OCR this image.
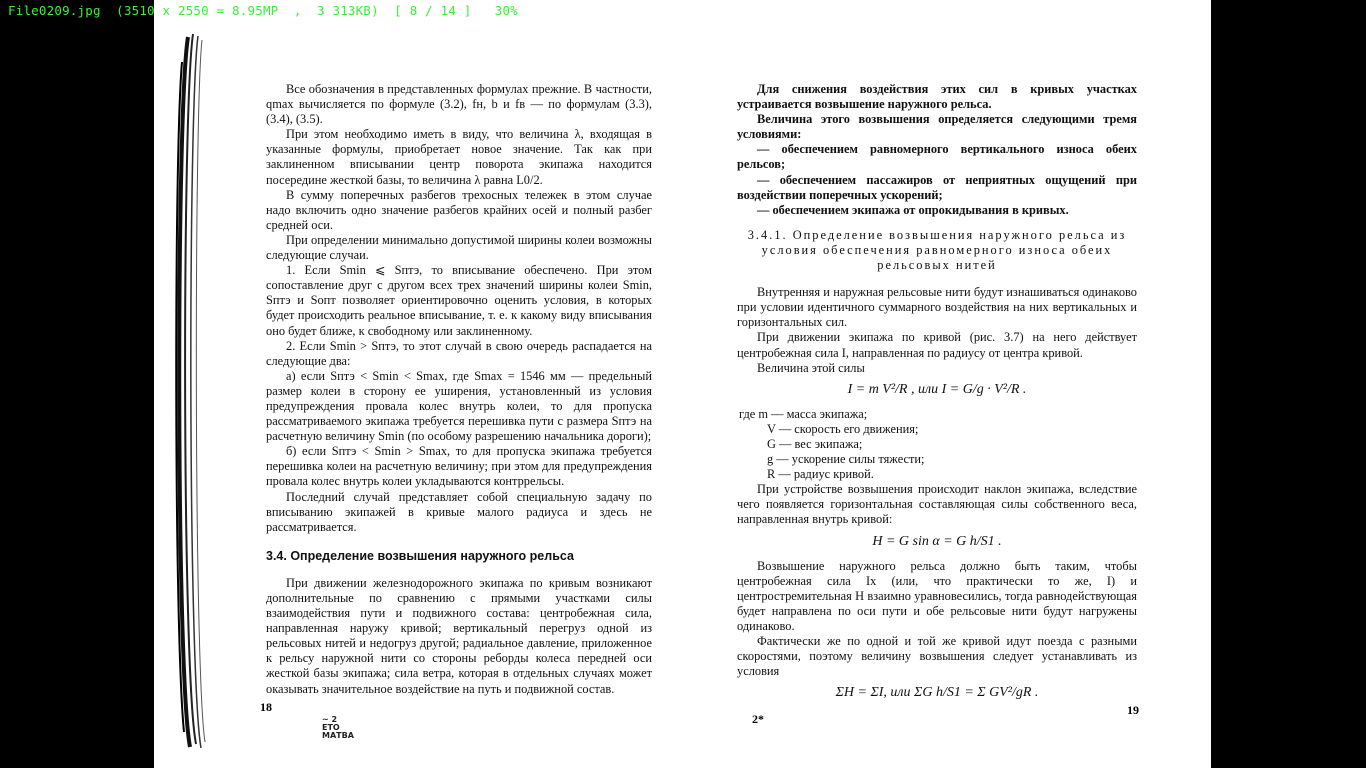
File0209.jpg  (3510 x 2550 = 8.95MP  ,  3 313KB)  [ 8 / 14 ]   30%

Все обозначения в представленных формулах прежние. В частности, qmax вычисляется по формуле (3.2), fн, b и fв — по формулам (3.3), (3.4), (3.5).

При этом необходимо иметь в виду, что величина λ, входящая в указанные формулы, приобретает новое значение. Так как при заклиненном вписывании центр поворота экипажа находится посередине жесткой базы, то величина λ равна L0/2.

В сумму поперечных разбегов трехосных тележек в этом случае надо включить одно значение разбегов крайних осей и полный разбег средней оси.

При определении минимально допустимой ширины колеи возможны следующие случаи.

1. Если Smin ⩽ Sптэ, то вписывание обеспечено. При этом сопоставление друг с другом всех трех значений ширины колеи Smin, Sптэ и Sопт позволяет ориентировочно оценить условия, в которых будет происходить реальное вписывание, т. е. к какому виду вписывания оно будет ближе, к свободному или заклиненному.

2. Если Smin > Sптэ, то этот случай в свою очередь распадается на следующие два:

а) если Sптэ < Smin < Smax, где Smax = 1546 мм — предельный размер колеи в сторону ее уширения, установленный из условия предупреждения провала колес внутрь колеи, то для пропуска рассматриваемого экипажа требуется перешивка пути с размера Sптэ на расчетную величину Smin (по особому разрешению начальника дороги);

б) если Sптэ < Smin > Smax, то для пропуска экипажа требуется перешивка колеи на расчетную величину; при этом для предупреждения провала колес внутрь колеи укладываются контррельсы.

Последний случай представляет собой специальную задачу по вписыванию экипажей в кривые малого радиуса и здесь не рассматривается.

3.4. Определение возвышения наружного рельса

При движении железнодорожного экипажа по кривым возникают дополнительные по сравнению с прямыми участками силы взаимодействия пути и подвижного состава: центробежная сила, направленная наружу кривой; вертикальный перегруз одной из рельсовых нитей и недогруз другой; радиальное давление, приложенное к рельсу наружной нити со стороны реборды колеса передней оси жесткой базы экипажа; сила ветра, которая в отдельных случаях может оказывать значительное воздействие на путь и подвижной состав.

18
~ 2
ЕТО
МАТВА

Для снижения воздействия этих сил в кривых участках устраивается возвышение наружного рельса.

Величина этого возвышения определяется следующими тремя условиями:

— обеспечением равномерного вертикального износа обеих рельсов;

— обеспечением пассажиров от неприятных ощущений при воздействии поперечных ускорений;

— обеспечением экипажа от опрокидывания в кривых.

3.4.1. Определение возвышения наружного рельса из условия обеспечения равномерного износа обеих рельсовых нитей

Внутренняя и наружная рельсовые нити будут изнашиваться одинаково при условии идентичного суммарного воздействия на них вертикальных и горизонтальных сил.

При движении экипажа по кривой (рис. 3.7) на него действует центробежная сила I, направленная по радиусу от центра кривой.

Величина этой силы

I = m V²/R , или I = G/g · V²/R .

где m — масса экипажа;
V — скорость его движения;
G — вес экипажа;
g — ускорение силы тяжести;
R — радиус кривой.

При устройстве возвышения происходит наклон экипажа, вследствие чего появляется горизонтальная составляющая силы собственного веса, направленная внутрь кривой:

H = G sin α = G h/S1 .

Возвышение наружного рельса должно быть таким, чтобы центробежная сила Ix (или, что практически то же, I) и центростремительная H взаимно уравновесились, тогда равнодействующая будет направлена по оси пути и обе рельсовые нити будут нагружены одинаково.

Фактически же по одной и той же кривой идут поезда с разными скоростями, поэтому величину возвышения следует устанавливать из условия

ΣH = ΣI, или ΣG h/S1 = Σ GV²/gR .

2*
19
